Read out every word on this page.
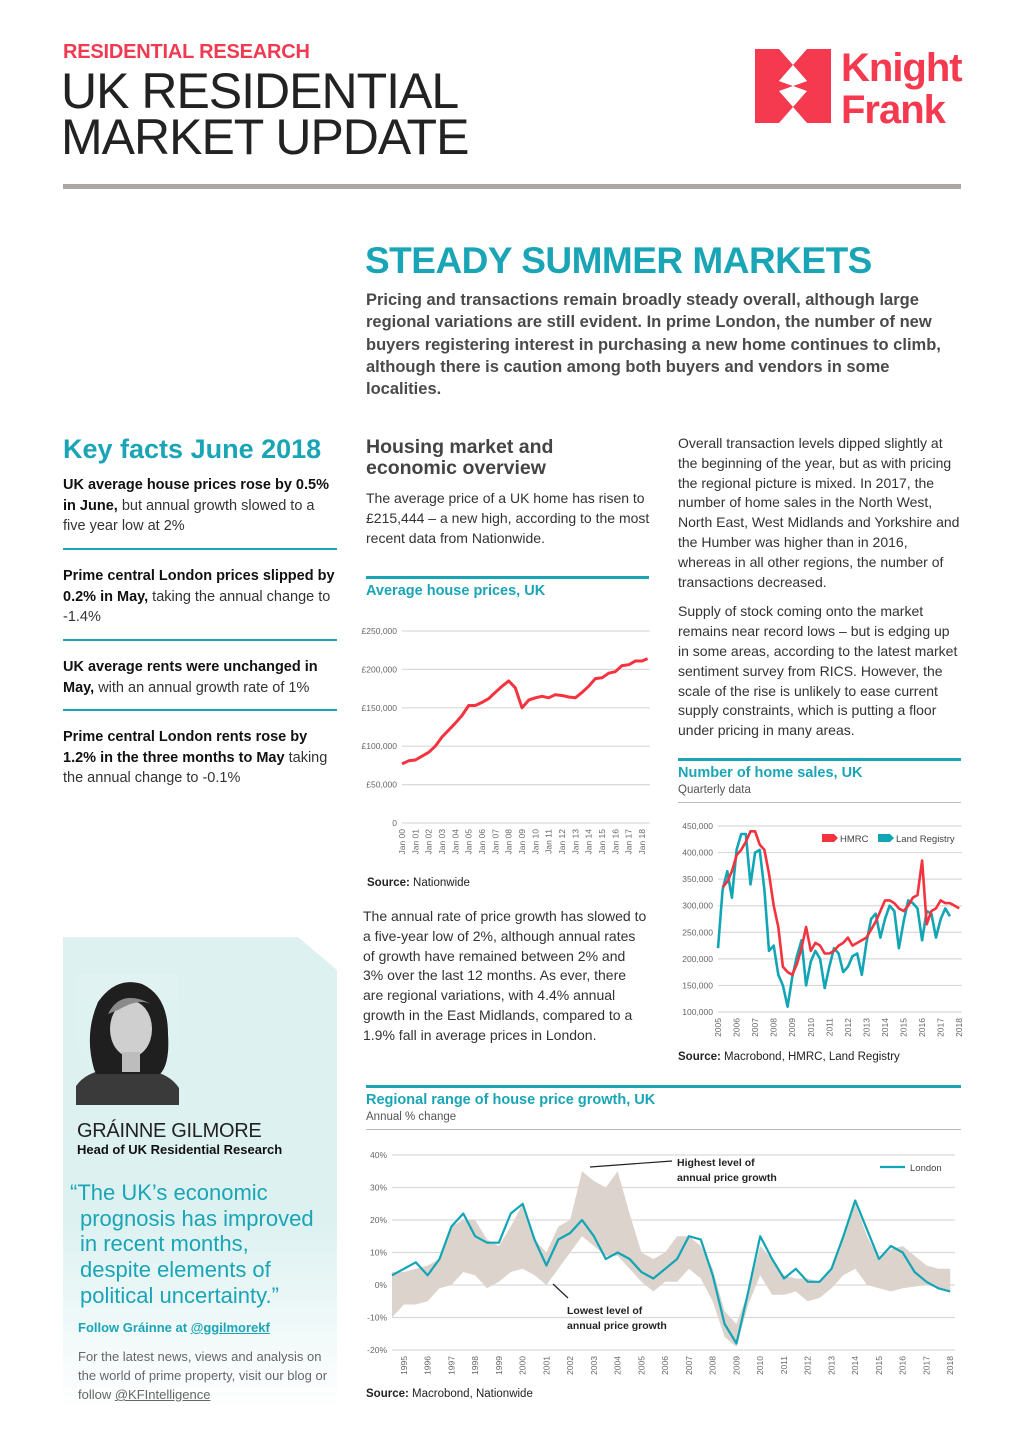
RESIDENTIAL RESEARCH
UK RESIDENTIAL
MARKET UPDATE
Knight
Frank
STEADY SUMMER MARKETS

Pricing and transactions remain broadly steady overall, although large regional variations are still evident. In prime London, the number of new buyers registering interest in purchasing a new home continues to climb, although there is caution among both buyers and vendors in some localities.

Key facts June 2018
UK average house prices rose by 0.5% in June, but annual growth slowed to a five year low at 2%
Prime central London prices slipped by 0.2% in May, taking the annual change to -1.4%
UK average rents were unchanged in May, with an annual growth rate of 1%
Prime central London rents rose by 1.2% in the three months to May taking the annual change to -0.1%
Housing market and economic overview
The average price of a UK home has risen to £215,444 – a new high, according to the most recent data from Nationwide.
Average house prices, UK
0
£50,000
£100,000
£150,000
£200,000
£250,000
Jan 00 Jan 01 Jan 02 Jan 03 Jan 04 Jan 05 Jan 06 Jan 07 Jan 08 Jan 09 Jan 10 Jan 11 Jan 12 Jan 13 Jan 14 Jan 15 Jan 16 Jan 17 Jan 18
Source: Nationwide
The annual rate of price growth has slowed to a five-year low of 2%, although annual rates of growth have remained between 2% and 3% over the last 12 months. As ever, there are regional variations, with 4.4% annual growth in the East Midlands, compared to a 1.9% fall in average prices in London.

Overall transaction levels dipped slightly at the beginning of the year, but as with pricing the regional picture is mixed. In 2017, the number of home sales in the North West, North East, West Midlands and Yorkshire and the Humber was higher than in 2016, whereas in all other regions, the number of transactions decreased.

Supply of stock coming onto the market remains near record lows – but is edging up in some areas, according to the latest market sentiment survey from RICS. However, the scale of the rise is unlikely to ease current supply constraints, which is putting a floor under pricing in many areas.

Number of home sales, UK
Quarterly data
100,000
150,000
200,000
250,000
300,000
350,000
400,000
450,000
2005 2006 2007 2008 2009 2010 2011 2012 2013 2014 2015 2016 2017 2018
HMRC	Land Registry
Source: Macrobond, HMRC, Land Registry
Regional range of house price growth, UK
Annual % change
-20%
-10%
0%
10%
20%
30%
40%
1995 1996 1997 1998 1999 2000 2001 2002 2003 2004 2005 2006 2007 2008 2009 2010 2011 2012 2013 2014 2015 2016 2017 2018
London
Highest level of
annual price growth
Lowest level of
annual price growth
Source: Macrobond, Nationwide
GRÁINNE GILMORE
Head of UK Residential Research
“The UK’s economic
prognosis has improved
in recent months,
despite elements of
political uncertainty.”
Follow Gráinne at @ggilmorekf
For the latest news, views and analysis on the world of prime property, visit our blog or follow @KFIntelligence
